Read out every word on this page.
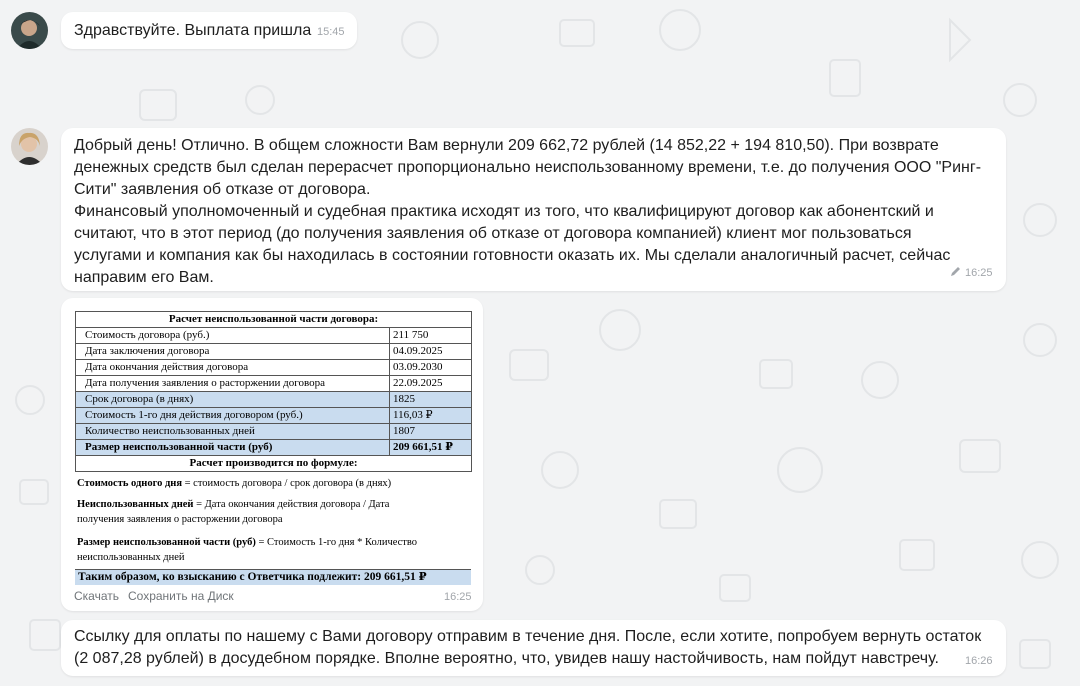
Здравствуйте. Выплата пришла 15:45
Добрый день! Отлично. В общем сложности Вам вернули 209 662,72 рублей (14 852,22 + 194 810,50). При возврате
денежных средств был сделан перерасчет пропорционально неиспользованному времени, т.е. до получения ООО "Ринг-
Сити" заявления об отказе от договора.
Финансовый уполномоченный и судебная практика исходят из того, что квалифицируют договор как абонентский и
считают, что в этот период (до получения заявления об отказе от договора компанией) клиент мог пользоваться
услугами и компания как бы находилась в состоянии готовности оказать их. Мы сделали аналогичный расчет, сейчас
направим его Вам.	16:25
Расчет неиспользованной части договора:	
Стоимость договора (руб.)	211 750
Дата заключения договора	04.09.2025
Дата окончания действия договора	03.09.2030
Дата получения заявления о расторжении договора	22.09.2025
Срок договора (в днях)	1825
Стоимость 1-го дня действия договором (руб.)	116,03 ₽
Количество неиспользованных дней	1807
Размер неиспользованной части (руб)	209 661,51 ₽
Расчет производится по формуле:	
Стоимость одного дня = стоимость договора / срок договора (в днях)
Неиспользованных дней = Дата окончания действия договора / Дата
получения заявления о расторжении договора
Размер неиспользованной части (руб) = Стоимость 1-го дня * Количество
неиспользованных дней
Таким образом, ко взысканию с Ответчика подлежит: 209 661,51 ₽
Скачать Сохранить на Диск	16:25
Ссылку для оплаты по нашему с Вами договору отправим в течение дня. После, если хотите, попробуем вернуть остаток
(2 087,28 рублей) в досудебном порядке. Вполне вероятно, что, увидев нашу настойчивость, нам пойдут навстречу.	16:26
